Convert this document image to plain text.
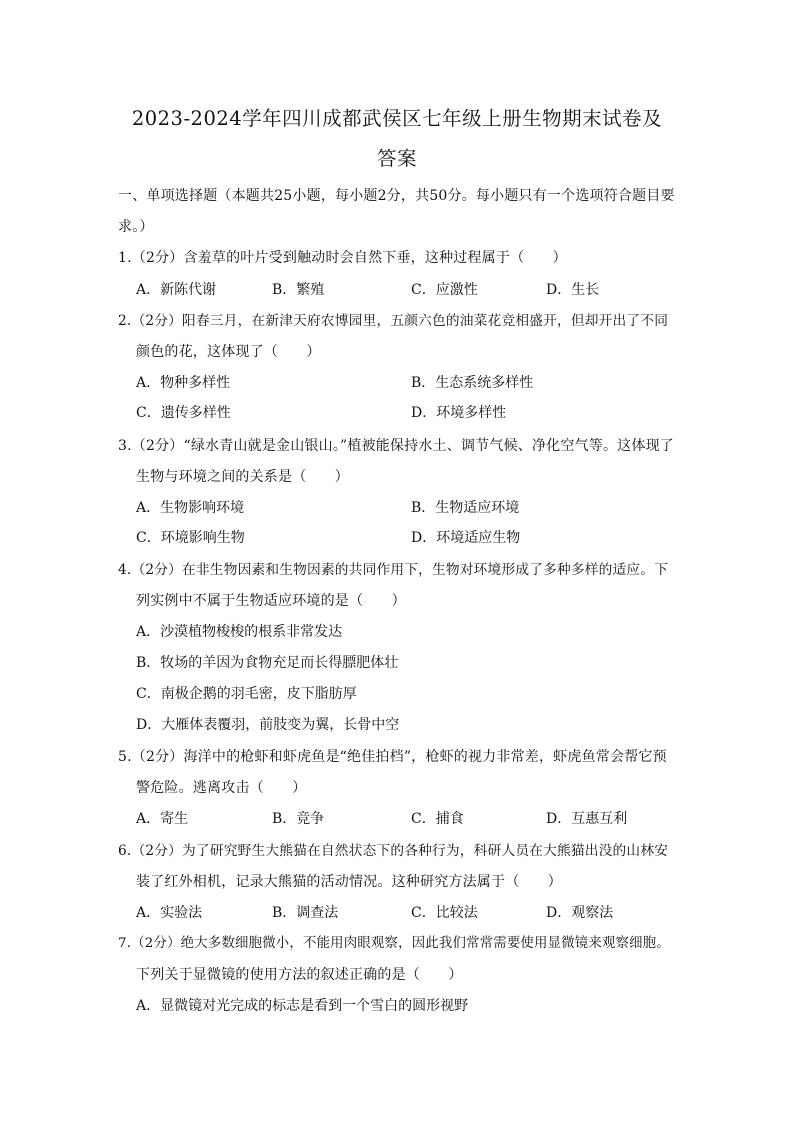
2023-2024学年四川成都武侯区七年级上册生物期末试卷及
答案
一、单项选择题（本题共25小题，每小题2分，共50分。每小题只有一个选项符合题目要
求。）
1.（2分）含羞草的叶片受到触动时会自然下垂，这种过程属于（　　）
A．新陈代谢	B．繁殖	C．应激性	D．生长
2.（2分）阳春三月，在新津天府农博园里，五颜六色的油菜花竞相盛开，但却开出了不同
颜色的花，这体现了（　　）
A．物种多样性	B．生态系统多样性
C．遗传多样性	D．环境多样性
3.（2分）“绿水青山就是金山银山。”植被能保持水土、调节气候、净化空气等。这体现了
生物与环境之间的关系是（　　）
A．生物影响环境	B．生物适应环境
C．环境影响生物	D．环境适应生物
4.（2分）在非生物因素和生物因素的共同作用下，生物对环境形成了多种多样的适应。下
列实例中不属于生物适应环境的是（　　）
A．沙漠植物梭梭的根系非常发达
B．牧场的羊因为食物充足而长得膘肥体壮
C．南极企鹅的羽毛密，皮下脂肪厚
D．大雁体表覆羽，前肢变为翼，长骨中空
5.（2分）海洋中的枪虾和虾虎鱼是“绝佳拍档”，枪虾的视力非常差，虾虎鱼常会帮它预
警危险。逃离攻击（　　）
A．寄生	B．竞争	C．捕食	D．互惠互利
6.（2分）为了研究野生大熊猫在自然状态下的各种行为，科研人员在大熊猫出没的山林安
装了红外相机，记录大熊猫的活动情况。这种研究方法属于（　　）
A．实验法	B．调查法	C．比较法	D．观察法
7.（2分）绝大多数细胞微小，不能用肉眼观察，因此我们常常需要使用显微镜来观察细胞。
下列关于显微镜的使用方法的叙述正确的是（　　）
A．显微镜对光完成的标志是看到一个雪白的圆形视野
